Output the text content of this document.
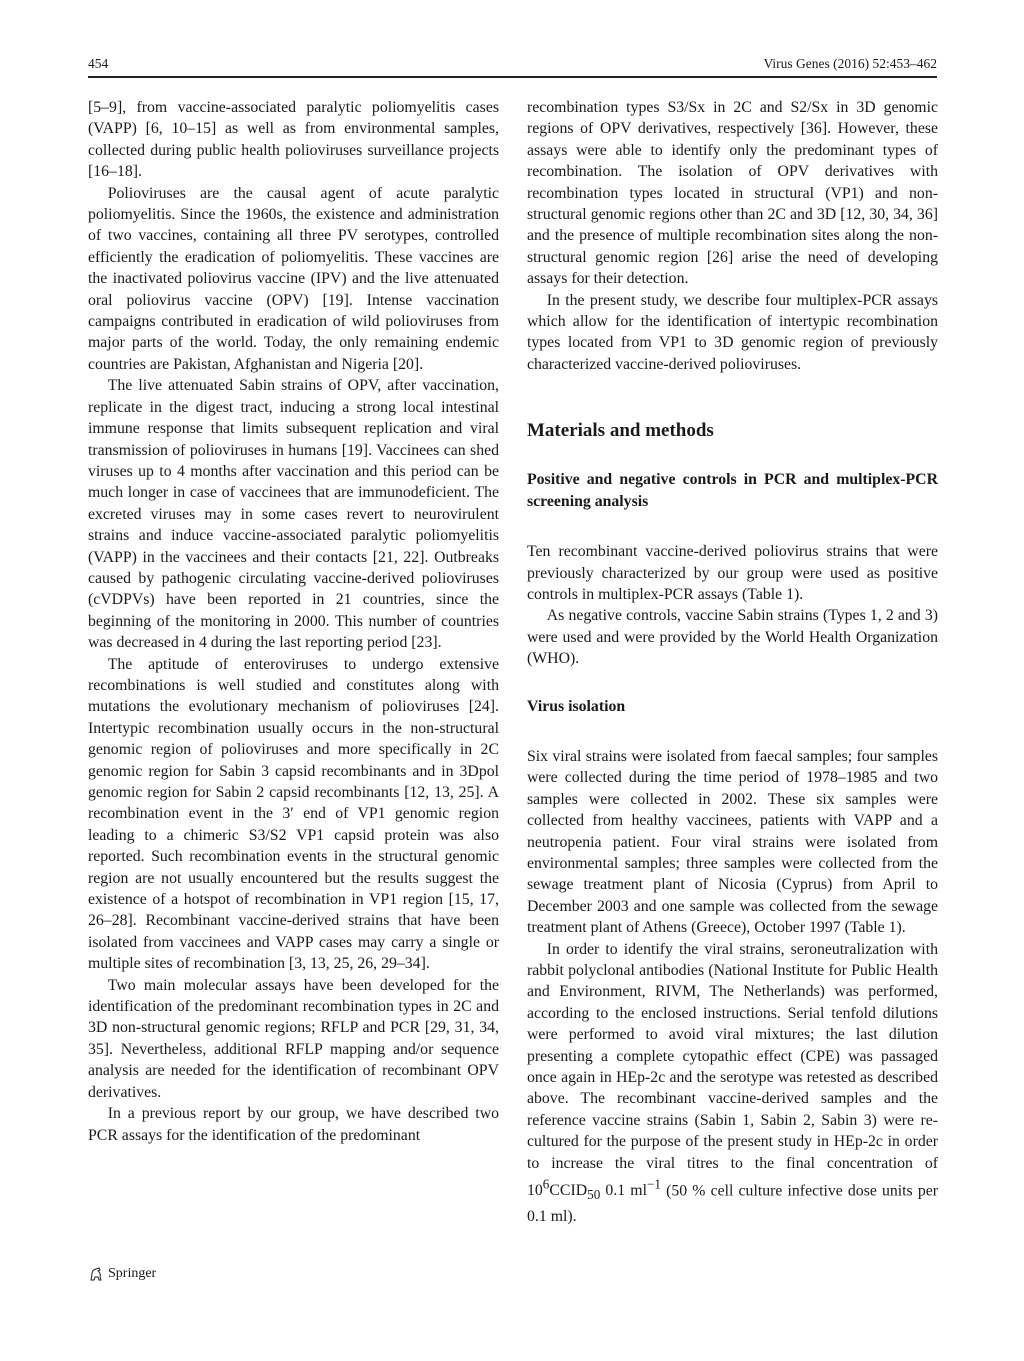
454	Virus Genes (2016) 52:453–462

[5–9], from vaccine-associated paralytic poliomyelitis cases (VAPP) [6, 10–15] as well as from environmental samples, collected during public health polioviruses surveillance projects [16–18].

Polioviruses are the causal agent of acute paralytic poliomyelitis. Since the 1960s, the existence and administration of two vaccines, containing all three PV serotypes, controlled efficiently the eradication of poliomyelitis. These vaccines are the inactivated poliovirus vaccine (IPV) and the live attenuated oral poliovirus vaccine (OPV) [19]. Intense vaccination campaigns contributed in eradication of wild polioviruses from major parts of the world. Today, the only remaining endemic countries are Pakistan, Afghanistan and Nigeria [20].

The live attenuated Sabin strains of OPV, after vaccination, replicate in the digest tract, inducing a strong local intestinal immune response that limits subsequent replication and viral transmission of polioviruses in humans [19]. Vaccinees can shed viruses up to 4 months after vaccination and this period can be much longer in case of vaccinees that are immunodeficient. The excreted viruses may in some cases revert to neurovirulent strains and induce vaccine-associated paralytic poliomyelitis (VAPP) in the vaccinees and their contacts [21, 22]. Outbreaks caused by pathogenic circulating vaccine-derived polioviruses (cVDPVs) have been reported in 21 countries, since the beginning of the monitoring in 2000. This number of countries was decreased in 4 during the last reporting period [23].

The aptitude of enteroviruses to undergo extensive recombinations is well studied and constitutes along with mutations the evolutionary mechanism of polioviruses [24]. Intertypic recombination usually occurs in the non-structural genomic region of polioviruses and more specifically in 2C genomic region for Sabin 3 capsid recombinants and in 3Dpol genomic region for Sabin 2 capsid recombinants [12, 13, 25]. A recombination event in the 3′ end of VP1 genomic region leading to a chimeric S3/S2 VP1 capsid protein was also reported. Such recombination events in the structural genomic region are not usually encountered but the results suggest the existence of a hotspot of recombination in VP1 region [15, 17, 26–28]. Recombinant vaccine-derived strains that have been isolated from vaccinees and VAPP cases may carry a single or multiple sites of recombination [3, 13, 25, 26, 29–34].

Two main molecular assays have been developed for the identification of the predominant recombination types in 2C and 3D non-structural genomic regions; RFLP and PCR [29, 31, 34, 35]. Nevertheless, additional RFLP mapping and/or sequence analysis are needed for the identification of recombinant OPV derivatives.

In a previous report by our group, we have described two PCR assays for the identification of the predominant

recombination types S3/Sx in 2C and S2/Sx in 3D genomic regions of OPV derivatives, respectively [36]. However, these assays were able to identify only the predominant types of recombination. The isolation of OPV derivatives with recombination types located in structural (VP1) and non-structural genomic regions other than 2C and 3D [12, 30, 34, 36] and the presence of multiple recombination sites along the non-structural genomic region [26] arise the need of developing assays for their detection.

In the present study, we describe four multiplex-PCR assays which allow for the identification of intertypic recombination types located from VP1 to 3D genomic region of previously characterized vaccine-derived polioviruses.

Materials and methods
Positive and negative controls in PCR and multiplex-PCR screening analysis

Ten recombinant vaccine-derived poliovirus strains that were previously characterized by our group were used as positive controls in multiplex-PCR assays (Table 1).

As negative controls, vaccine Sabin strains (Types 1, 2 and 3) were used and were provided by the World Health Organization (WHO).

Virus isolation

Six viral strains were isolated from faecal samples; four samples were collected during the time period of 1978–1985 and two samples were collected in 2002. These six samples were collected from healthy vaccinees, patients with VAPP and a neutropenia patient. Four viral strains were isolated from environmental samples; three samples were collected from the sewage treatment plant of Nicosia (Cyprus) from April to December 2003 and one sample was collected from the sewage treatment plant of Athens (Greece), October 1997 (Table 1).

In order to identify the viral strains, seroneutralization with rabbit polyclonal antibodies (National Institute for Public Health and Environment, RIVM, The Netherlands) was performed, according to the enclosed instructions. Serial tenfold dilutions were performed to avoid viral mixtures; the last dilution presenting a complete cytopathic effect (CPE) was passaged once again in HEp-2c and the serotype was retested as described above. The recombinant vaccine-derived samples and the reference vaccine strains (Sabin 1, Sabin 2, Sabin 3) were re-cultured for the purpose of the present study in HEp-2c in order to increase the viral titres to the final concentration of $10^6CCID_{50}$ 0.1 $ml^{-1}$ (50 % cell culture infective dose units per 0.1 ml).

Springer
